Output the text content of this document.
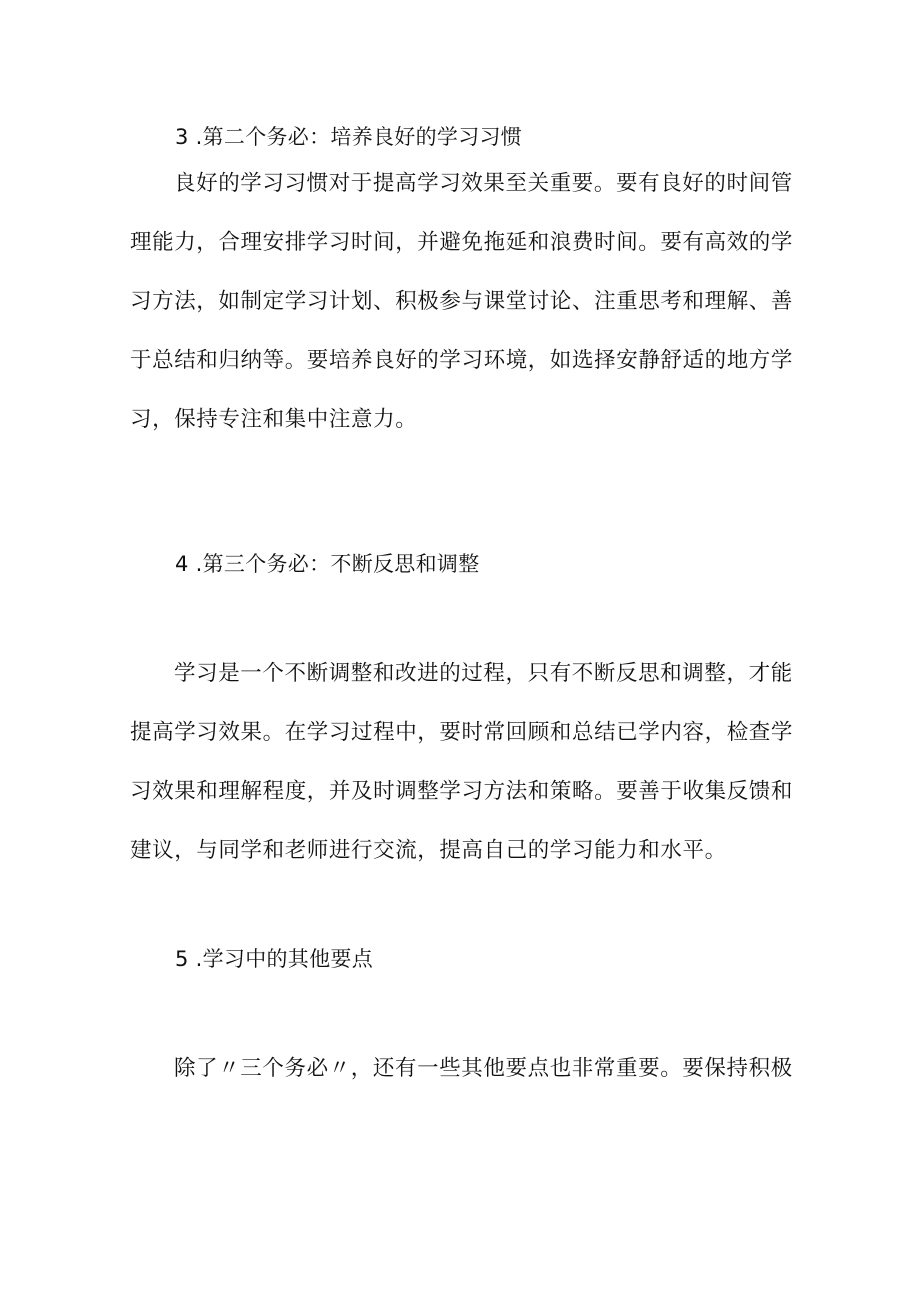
3 .第二个务必：培养良好的学习习惯
良好的学习习惯对于提高学习效果至关重要。要有良好的时间管
理能力，合理安排学习时间，并避免拖延和浪费时间。要有高效的学
习方法，如制定学习计划、积极参与课堂讨论、注重思考和理解、善
于总结和归纳等。要培养良好的学习环境，如选择安静舒适的地方学
习，保持专注和集中注意力。
4 .第三个务必：不断反思和调整
学习是一个不断调整和改进的过程，只有不断反思和调整，才能
提高学习效果。在学习过程中，要时常回顾和总结已学内容，检查学
习效果和理解程度，并及时调整学习方法和策略。要善于收集反馈和
建议，与同学和老师进行交流，提高自己的学习能力和水平。
5 .学习中的其他要点
除了〃三个务必〃，还有一些其他要点也非常重要。要保持积极
